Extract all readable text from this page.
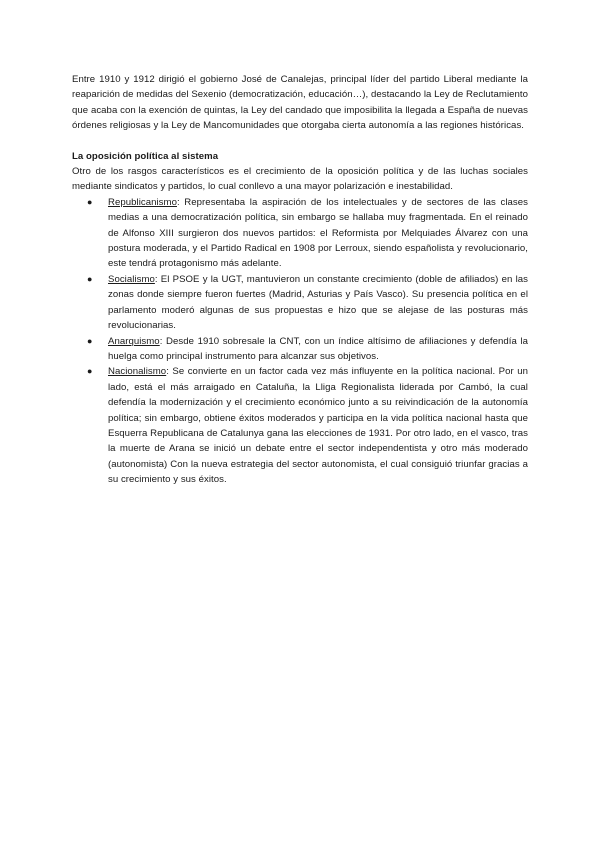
Entre 1910 y 1912 dirigió el gobierno José de Canalejas, principal líder del partido Liberal mediante la reaparición de medidas del Sexenio (democratización, educación…), destacando la Ley de Reclutamiento que acaba con la exención de quintas, la Ley del candado que imposibilita la llegada a España de nuevas órdenes religiosas y la Ley de Mancomunidades que otorgaba cierta autonomía a las regiones históricas.

La oposición política al sistema

Otro de los rasgos característicos es el crecimiento de la oposición política y de las luchas sociales mediante sindicatos y partidos, lo cual conllevo a una mayor polarización e inestabilidad.

● Republicanismo: Representaba la aspiración de los intelectuales y de sectores de las clases medias a una democratización política, sin embargo se hallaba muy fragmentada. En el reinado de Alfonso XIII surgieron dos nuevos partidos: el Reformista por Melquiades Álvarez con una postura moderada, y el Partido Radical en 1908 por Lerroux, siendo españolista y revolucionario, este tendrá protagonismo más adelante.
● Socialismo: El PSOE y la UGT, mantuvieron un constante crecimiento (doble de afiliados) en las zonas donde siempre fueron fuertes (Madrid, Asturias y País Vasco). Su presencia política en el parlamento moderó algunas de sus propuestas e hizo que se alejase de las posturas más revolucionarias.
● Anarquismo: Desde 1910 sobresale la CNT, con un índice altísimo de afiliaciones y defendía la huelga como principal instrumento para alcanzar sus objetivos.
● Nacionalismo: Se convierte en un factor cada vez más influyente en la política nacional. Por un lado, está el más arraigado en Cataluña, la Lliga Regionalista liderada por Cambó, la cual defendía la modernización y el crecimiento económico junto a su reivindicación de la autonomía política; sin embargo, obtiene éxitos moderados y participa en la vida política nacional hasta que Esquerra Republicana de Catalunya gana las elecciones de 1931. Por otro lado, en el vasco, tras la muerte de Arana se inició un debate entre el sector independentista y otro más moderado (autonomista) Con la nueva estrategia del sector autonomista, el cual consiguió triunfar gracias a su crecimiento y sus éxitos.
